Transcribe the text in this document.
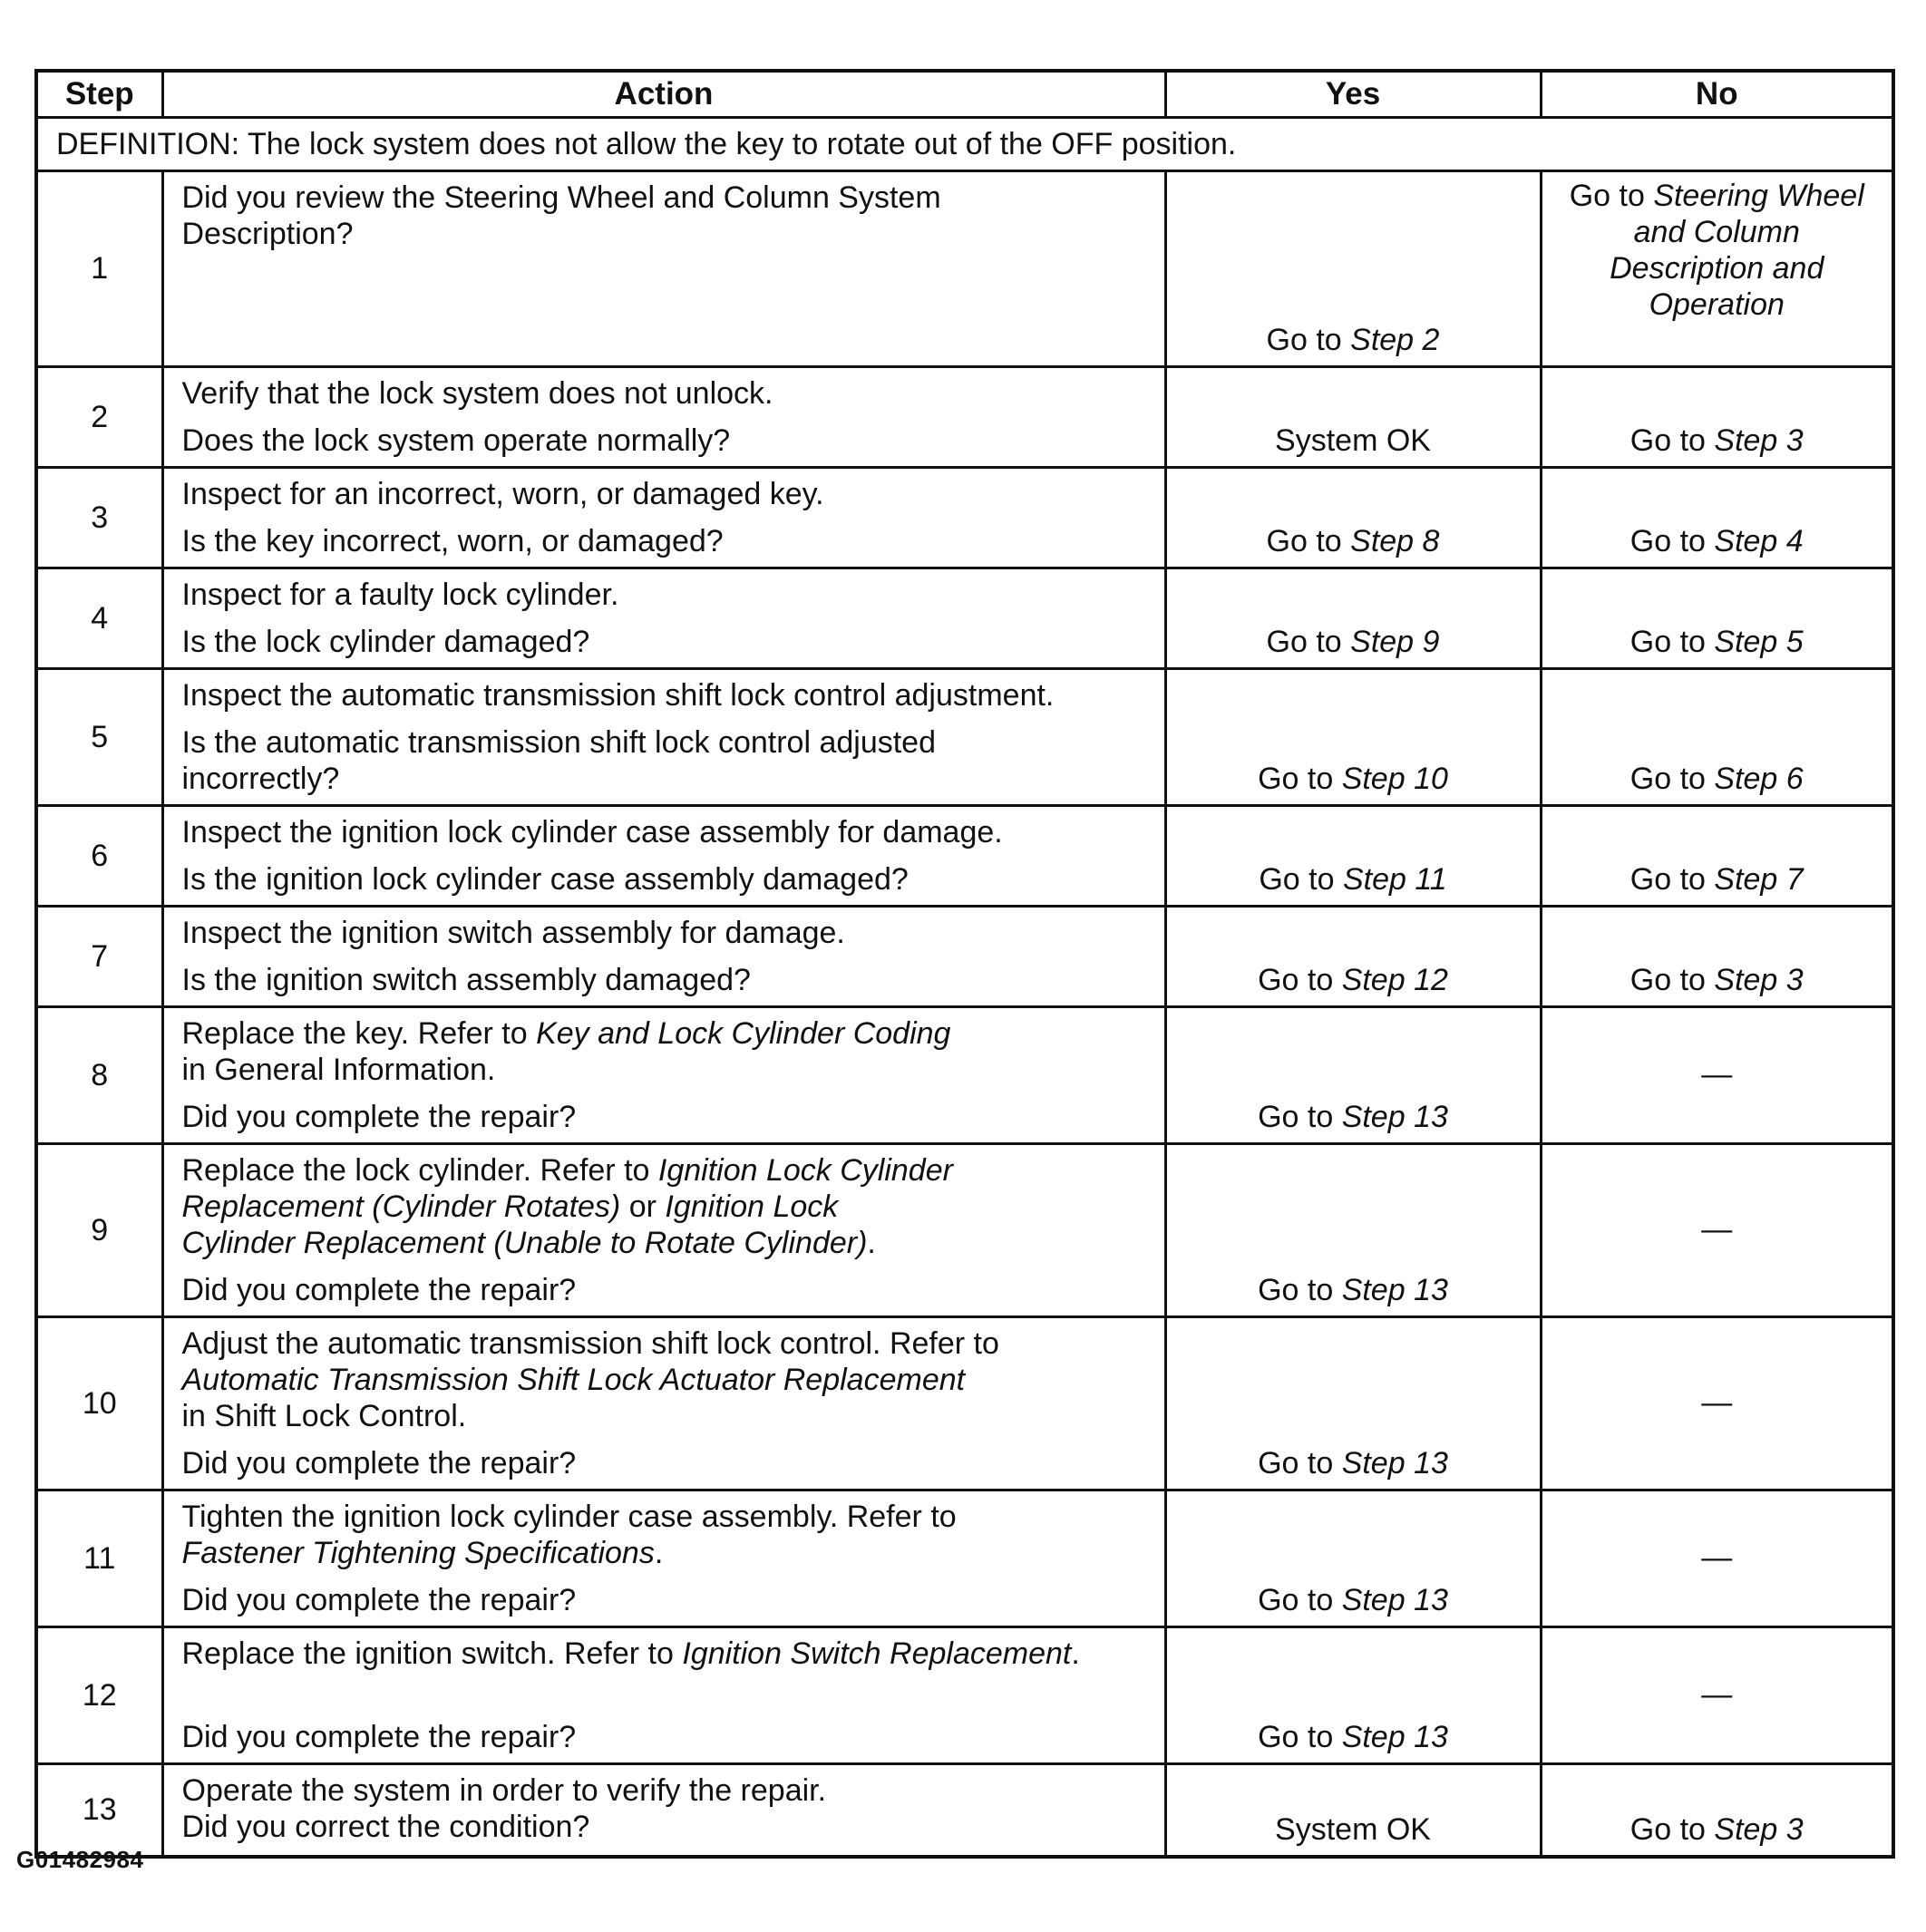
Step	Action	Yes	No
DEFINITION: The lock system does not allow the key to rotate out of the OFF position.			
1	Did you review the Steering Wheel and Column System
Description?	Go to Step 2	Go to Steering Wheel
and Column
Description and
Operation
2	Verify that the lock system does not unlock.
Does the lock system operate normally?	System OK	Go to Step 3
3	Inspect for an incorrect, worn, or damaged key.
Is the key incorrect, worn, or damaged?	Go to Step 8	Go to Step 4
4	Inspect for a faulty lock cylinder.
Is the lock cylinder damaged?	Go to Step 9	Go to Step 5
5	Inspect the automatic transmission shift lock control adjustment.
Is the automatic transmission shift lock control adjusted
incorrectly?	Go to Step 10	Go to Step 6
6	Inspect the ignition lock cylinder case assembly for damage.
Is the ignition lock cylinder case assembly damaged?	Go to Step 11	Go to Step 7
7	Inspect the ignition switch assembly for damage.
Is the ignition switch assembly damaged?	Go to Step 12	Go to Step 3
8	Replace the key. Refer to Key and Lock Cylinder Coding
in General Information.
Did you complete the repair?	Go to Step 13	—
9	Replace the lock cylinder. Refer to Ignition Lock Cylinder
Replacement (Cylinder Rotates) or Ignition Lock
Cylinder Replacement (Unable to Rotate Cylinder).
Did you complete the repair?	Go to Step 13	—
10	Adjust the automatic transmission shift lock control. Refer to
Automatic Transmission Shift Lock Actuator Replacement
in Shift Lock Control.
Did you complete the repair?	Go to Step 13	—
11	Tighten the ignition lock cylinder case assembly. Refer to
Fastener Tightening Specifications.
Did you complete the repair?	Go to Step 13	—
12	Replace the ignition switch. Refer to Ignition Switch Replacement.

Did you complete the repair?	Go to Step 13	—
13	Operate the system in order to verify the repair.
Did you correct the condition?	System OK	Go to Step 3
G01482984
